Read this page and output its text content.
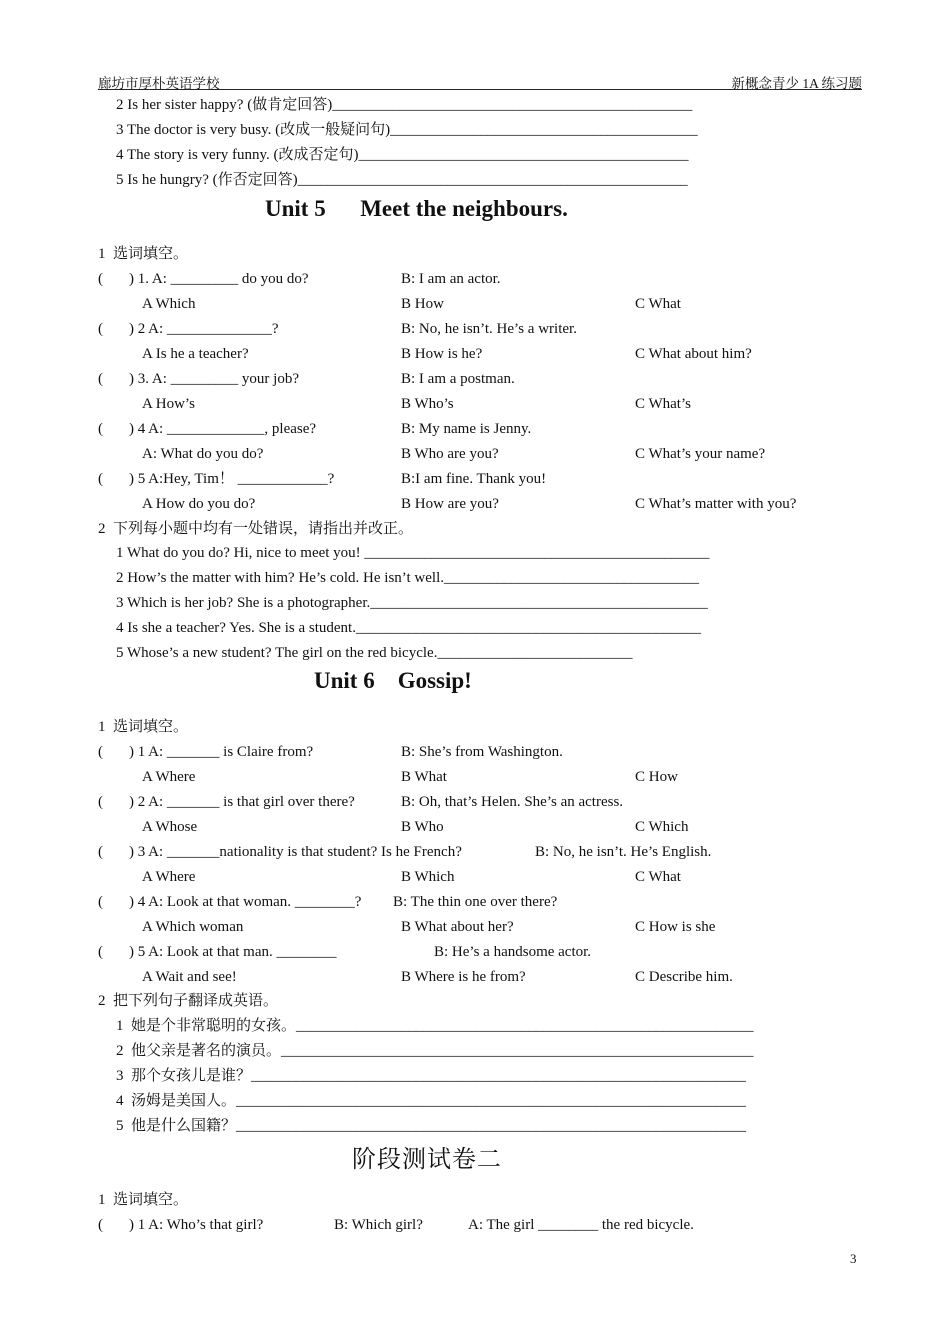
廊坊市厚朴英语学校	新概念青少 1A 练习题
2 Is her sister happy? (做肯定回答)________________________________________________
3 The doctor is very busy. (改成一般疑问句)_________________________________________
4 The story is very funny. (改成否定句)____________________________________________
5 Is he hungry? (作否定回答)____________________________________________________
Unit 5      Meet the neighbours.
1  选词填空。
( ) 1. A: _________ do you do?	B: I am an actor.
A Which	B How	C What
( ) 2 A: ______________?	B: No, he isn’t. He’s a writer.
A Is he a teacher?	B How is he?	C What about him?
( ) 3. A: _________ your job?	B: I am a postman.
A How’s	B Who’s	C What’s
( ) 4 A: _____________, please?	B: My name is Jenny.
A: What do you do?	B Who are you?	C What’s your name?
( ) 5 A:Hey, Tim！ ____________?	B:I am fine. Thank you!
A How do you do?	B How are you?	C What’s matter with you?
2  下列每小题中均有一处错误，请指出并改正。
1 What do you do? Hi, nice to meet you! ______________________________________________
2 How’s the matter with him? He’s cold. He isn’t well.__________________________________
3 Which is her job? She is a photographer._____________________________________________
4 Is she a teacher? Yes. She is a student.______________________________________________
5 Whose’s a new student? The girl on the red bicycle.__________________________
Unit 6    Gossip!
1  选词填空。
( ) 1 A: _______ is Claire from?	B: She’s from Washington.
A Where	B What	C How
( ) 2 A: _______ is that girl over there?	B: Oh, that’s Helen. She’s an actress.
A Whose	B Who	C Which
( ) 3 A: _______nationality is that student? Is he French?	B: No, he isn’t. He’s English.
A Where	B Which	C What
( ) 4 A: Look at that woman. ________? B: The thin one over there?
A Which woman	B What about her?	C How is she
( ) 5 A: Look at that man. ________	B: He’s a handsome actor.
A Wait and see!	B Where is he from?	C Describe him.
2  把下列句子翻译成英语。
1  她是个非常聪明的女孩。_____________________________________________________________
2  他父亲是著名的演员。_______________________________________________________________
3  那个女孩儿是谁？__________________________________________________________________
4  汤姆是美国人。____________________________________________________________________
5  他是什么国籍？____________________________________________________________________
阶段测试卷二
1  选词填空。
( ) 1 A: Who’s that girl?	B: Which girl?	A: The girl ________ the red bicycle.
3
